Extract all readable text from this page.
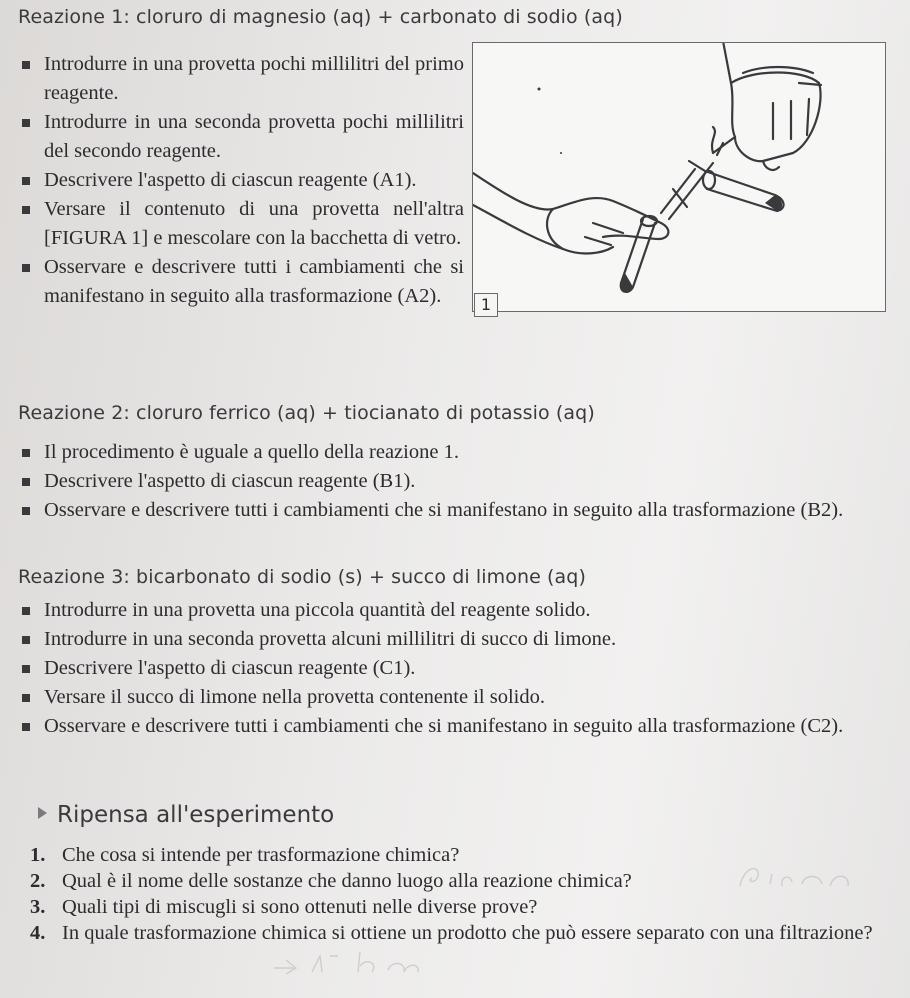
Reazione 1: cloruro di magnesio (aq) + carbonato di sodio (aq)
Introdurre in una provetta pochi millilitri del primo reagente.
Introdurre in una seconda provetta pochi millilitri del secondo reagente.
Descrivere l'aspetto di ciascun reagente (A1).
Versare il contenuto di una provetta nell'altra [FIGURA 1] e mescolare con la bacchetta di vetro.
Osservare e descrivere tutti i cambiamenti che si manifestano in seguito alla trasformazione (A2).	1
Reazione 2: cloruro ferrico (aq) + tiocianato di potassio (aq)
Il procedimento è uguale a quello della reazione 1.
Descrivere l'aspetto di ciascun reagente (B1).
Osservare e descrivere tutti i cambiamenti che si manifestano in seguito alla trasformazione (B2).
Reazione 3: bicarbonato di sodio (s) + succo di limone (aq)
Introdurre in una provetta una piccola quantità del reagente solido.
Introdurre in una seconda provetta alcuni millilitri di succo di limone.
Descrivere l'aspetto di ciascun reagente (C1).
Versare il succo di limone nella provetta contenente il solido.
Osservare e descrivere tutti i cambiamenti che si manifestano in seguito alla trasformazione (C2).
Ripensa all'esperimento
1. Che cosa si intende per trasformazione chimica?
2. Qual è il nome delle sostanze che danno luogo alla reazione chimica?
3. Quali tipi di miscugli si sono ottenuti nelle diverse prove?
4. In quale trasformazione chimica si ottiene un prodotto che può essere separato con una filtrazione?
